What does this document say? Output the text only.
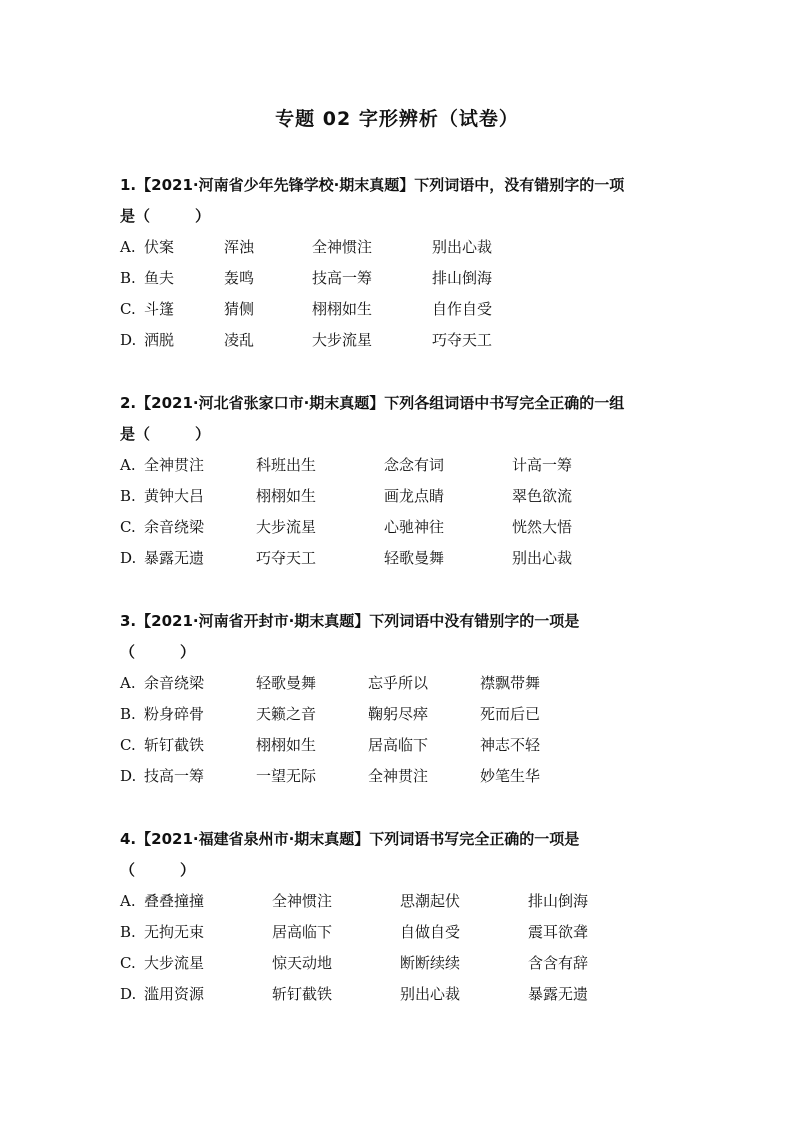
专题 02 字形辨析（试卷）
1.【2021·河南省少年先锋学校·期末真题】下列词语中，没有错别字的一项
是（　　　）
A. 伏案	浑浊	全神惯注	别出心裁
B. 鱼夫	轰鸣	技高一筹	排山倒海
C. 斗篷	猜侧	栩栩如生	自作自受
D. 洒脱	凌乱	大步流星	巧夺天工
2.【2021·河北省张家口市·期末真题】下列各组词语中书写完全正确的一组
是（　　　）
A. 全神贯注	科班出生	念念有词	计高一筹
B. 黄钟大吕	栩栩如生	画龙点睛	翠色欲流
C. 余音绕梁	大步流星	心驰神往	恍然大悟
D. 暴露无遗	巧夺天工	轻歌曼舞	别出心裁
3.【2021·河南省开封市·期末真题】下列词语中没有错别字的一项是
（　　　）
A. 余音绕梁	轻歌曼舞	忘乎所以	襟飘带舞
B. 粉身碎骨	天籁之音	鞠躬尽瘁	死而后已
C. 斩钉截铁	栩栩如生	居高临下	神志不轻
D. 技高一筹	一望无际	全神贯注	妙笔生华
4.【2021·福建省泉州市·期末真题】下列词语书写完全正确的一项是
（　　　）
A. 叠叠撞撞	全神惯注	思潮起伏	排山倒海
B. 无拘无束	居高临下	自做自受	震耳欲聋
C. 大步流星	惊天动地	断断续续	含含有辞
D. 滥用资源	斩钉截铁	别出心裁	暴露无遗
